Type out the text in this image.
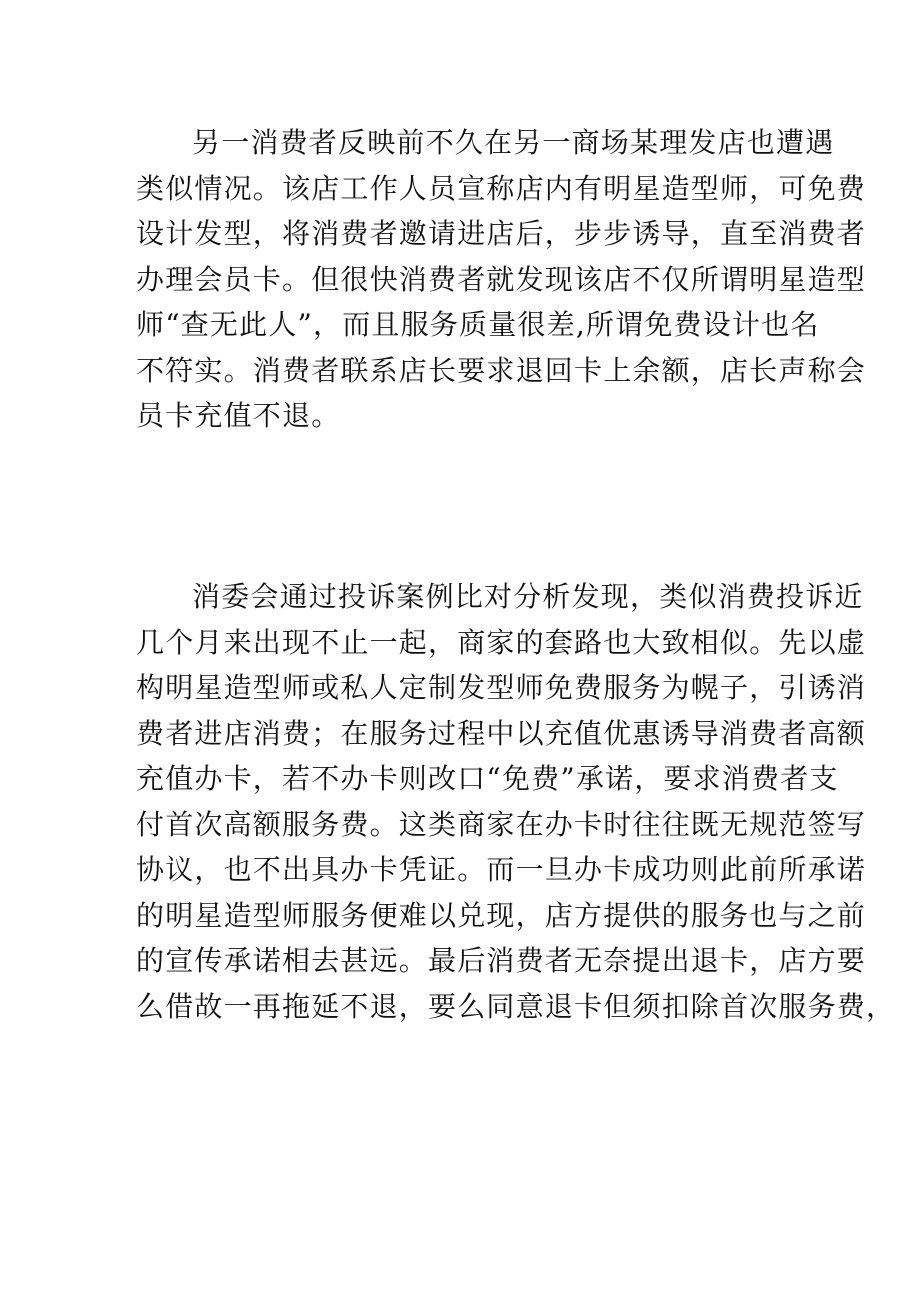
另一消费者反映前不久在另一商场某理发店也遭遇
类似情况。该店工作人员宣称店内有明星造型师，可免费
设计发型，将消费者邀请进店后，步步诱导，直至消费者
办理会员卡。但很快消费者就发现该店不仅所谓明星造型
师“查无此人”，而且服务质量很差,所谓免费设计也名
不符实。消费者联系店长要求退回卡上余额，店长声称会
员卡充值不退。
消委会通过投诉案例比对分析发现，类似消费投诉近
几个月来出现不止一起，商家的套路也大致相似。先以虚
构明星造型师或私人定制发型师免费服务为幌子，引诱消
费者进店消费；在服务过程中以充值优惠诱导消费者高额
充值办卡，若不办卡则改口“免费”承诺，要求消费者支
付首次高额服务费。这类商家在办卡时往往既无规范签写
协议，也不出具办卡凭证。而一旦办卡成功则此前所承诺
的明星造型师服务便难以兑现，店方提供的服务也与之前
的宣传承诺相去甚远。最后消费者无奈提出退卡，店方要
么借故一再拖延不退，要么同意退卡但须扣除首次服务费，
